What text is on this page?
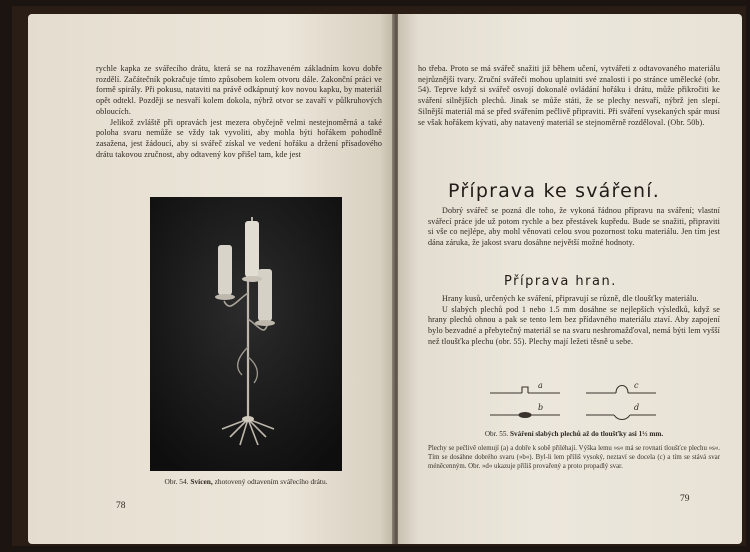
rychle kapka ze svářecího drátu, která se na rozžhaveném základním kovu dobře rozdělí. Začátečník pokračuje tímto způsobem kolem otvoru dále. Zakonční práci ve formě spirály. Při pokusu, nataviti na právě odkápnutý kov novou kapku, by materiál opět odtekl. Později se nesvaří kolem dokola, nýbrž otvor se zavaří v půlkruhových obloucích.

Jelikož zvláště při opravách jest mezera obyčejně velmi nestejnoměrná a také poloha svaru nemůže se vždy tak vyvoliti, aby mohla býti hořákem pohodlně zasažena, jest žádoucí, aby si svářeč získal ve vedení hořáku a držení přísadového drátu takovou zručnost, aby odtavený kov přišel tam, kde jest

Obr. 54. Svícen, zhotovený odtavením svářecího drátu.
78
ho třeba. Proto se má svářeč snažiti již během učení, vytvářeti z odtavovaného materiálu nejrůznější tvary. Zruční svářeči mohou uplatniti své znalosti i po stránce umělecké (obr. 54). Teprve když si svářeč osvojí dokonalé ovládání hořáku i drátu, může přikročiti ke sváření silnějších plechů. Jinak se může státi, že se plechy nesvaří, nýbrž jen slepí. Silnější materiál má se před svářením pečlivě připraviti. Při sváření vysekaných spár musí se však hořákem kývati, aby natavený materiál se stejnoměrně rozděloval. (Obr. 50b).
Příprava ke sváření.
Dobrý svářeč se pozná dle toho, že vykoná řádnou přípravu na sváření; vlastní svářecí práce jde už potom rychle a bez přestávek kupředu. Bude se snažiti, připraviti si vše co nejlépe, aby mohl věnovati celou svou pozornost toku materiálu. Jen tím jest dána záruka, že jakost svaru dosáhne největší možné hodnoty.
Příprava hran.

Hrany kusů, určených ke sváření, připravují se různě, dle tloušťky materiálu.

U slabých plechů pod 1 nebo 1.5 mm dosáhne se nejlepších výsledků, když se hrany plechů ohnou a pak se tento lem bez přídavného materiálu ztaví. Aby zapojení bylo bezvadné a přebytečný materiál se na svaru neshromažďoval, nemá býti lem vyšší než tloušťka plechu (obr. 55). Plechy mají ležeti těsně u sebe.

a
b
c
d
Obr. 55. Sváření slabých plechů až do tloušťky asi 1½ mm.
Plechy se pečlivě olemují (a) a dobře k sobě přiléhají. Výška lemu »s« má se rovnati tloušťce plechu »s«. Tím se dosáhne dobrého svaru (»b«). Byl-li lem příliš vysoký, neztaví se docela (c) a tím se stává svar méněcenným. Obr. »d« ukazuje příliš provařený a proto propadlý svar.
79
